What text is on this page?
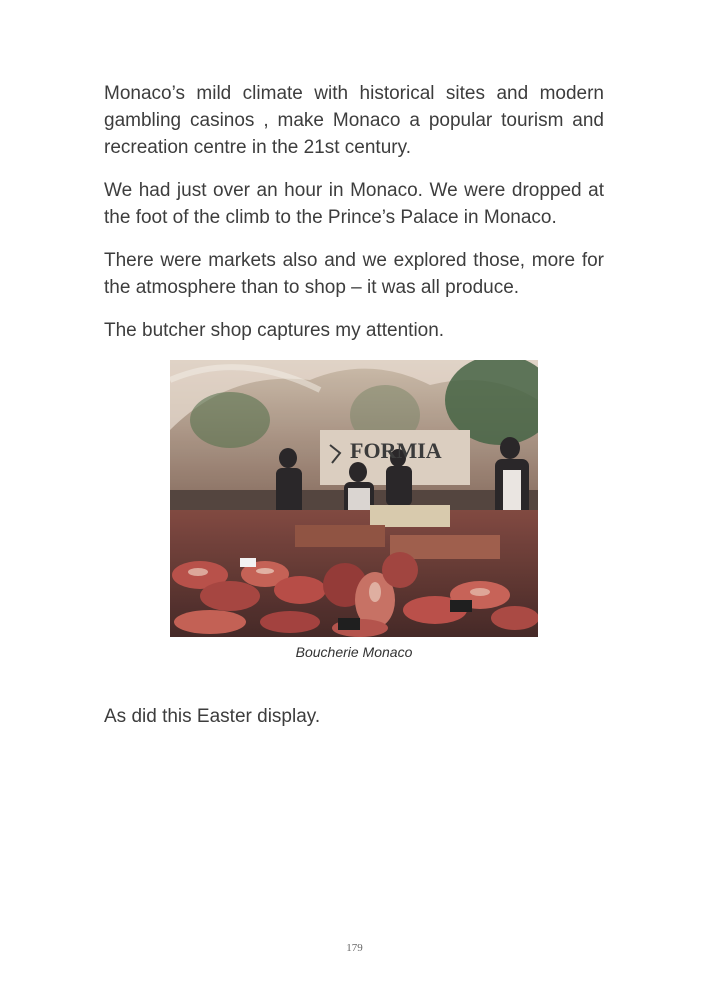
Monaco’s mild climate with historical sites and modern gambling casinos , make Monaco a popular tourism and recreation centre in the 21st century.

We had just over an hour in Monaco. We were dropped at the foot of the climb to the Prince’s Palace in Monaco.

There were markets also and we explored those, more for the atmosphere than to shop – it was all produce.

The butcher shop captures my attention.

FORMIA
Boucherie Monaco

As did this Easter display.

179
